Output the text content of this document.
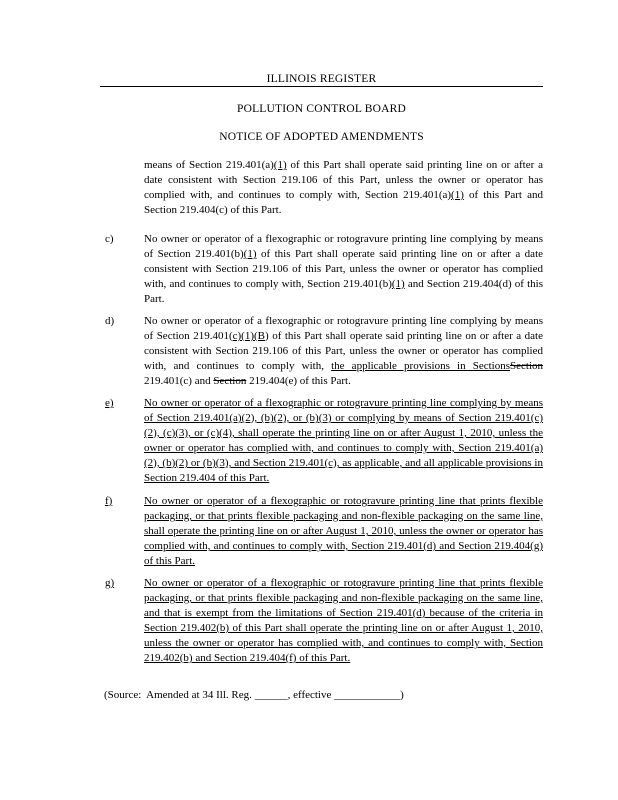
ILLINOIS REGISTER
POLLUTION CONTROL BOARD
NOTICE OF ADOPTED AMENDMENTS
means of Section 219.401(a)(1) of this Part shall operate said printing line on or after a date consistent with Section 219.106 of this Part, unless the owner or operator has complied with, and continues to comply with, Section 219.401(a)(1) of this Part and Section 219.404(c) of this Part.
c)	No owner or operator of a flexographic or rotogravure printing line complying by means of Section 219.401(b)(1) of this Part shall operate said printing line on or after a date consistent with Section 219.106 of this Part, unless the owner or operator has complied with, and continues to comply with, Section 219.401(b)(1) and Section 219.404(d) of this Part.
d)	No owner or operator of a flexographic or rotogravure printing line complying by means of Section 219.401(c)(1)(B) of this Part shall operate said printing line on or after a date consistent with Section 219.106 of this Part, unless the owner or operator has complied with, and continues to comply with, the applicable provisions in SectionsSection 219.401(c) and Section 219.404(e) of this Part.
e)	No owner or operator of a flexographic or rotogravure printing line complying by means of Section 219.401(a)(2), (b)(2), or (b)(3) or complying by means of Section 219.401(c)(2), (c)(3), or (c)(4), shall operate the printing line on or after August 1, 2010, unless the owner or operator has complied with, and continues to comply with, Section 219.401(a)(2), (b)(2) or (b)(3), and Section 219.401(c), as applicable, and all applicable provisions in Section 219.404 of this Part.
f)	No owner or operator of a flexographic or rotogravure printing line that prints flexible packaging, or that prints flexible packaging and non-flexible packaging on the same line, shall operate the printing line on or after August 1, 2010, unless the owner or operator has complied with, and continues to comply with, Section 219.401(d) and Section 219.404(g) of this Part.
g)	No owner or operator of a flexographic or rotogravure printing line that prints flexible packaging, or that prints flexible packaging and non-flexible packaging on the same line, and that is exempt from the limitations of Section 219.401(d) because of the criteria in Section 219.402(b) of this Part shall operate the printing line on or after August 1, 2010, unless the owner or operator has complied with, and continues to comply with, Section 219.402(b) and Section 219.404(f) of this Part.
(Source:  Amended at 34 Ill. Reg. ______, effective ____________)
